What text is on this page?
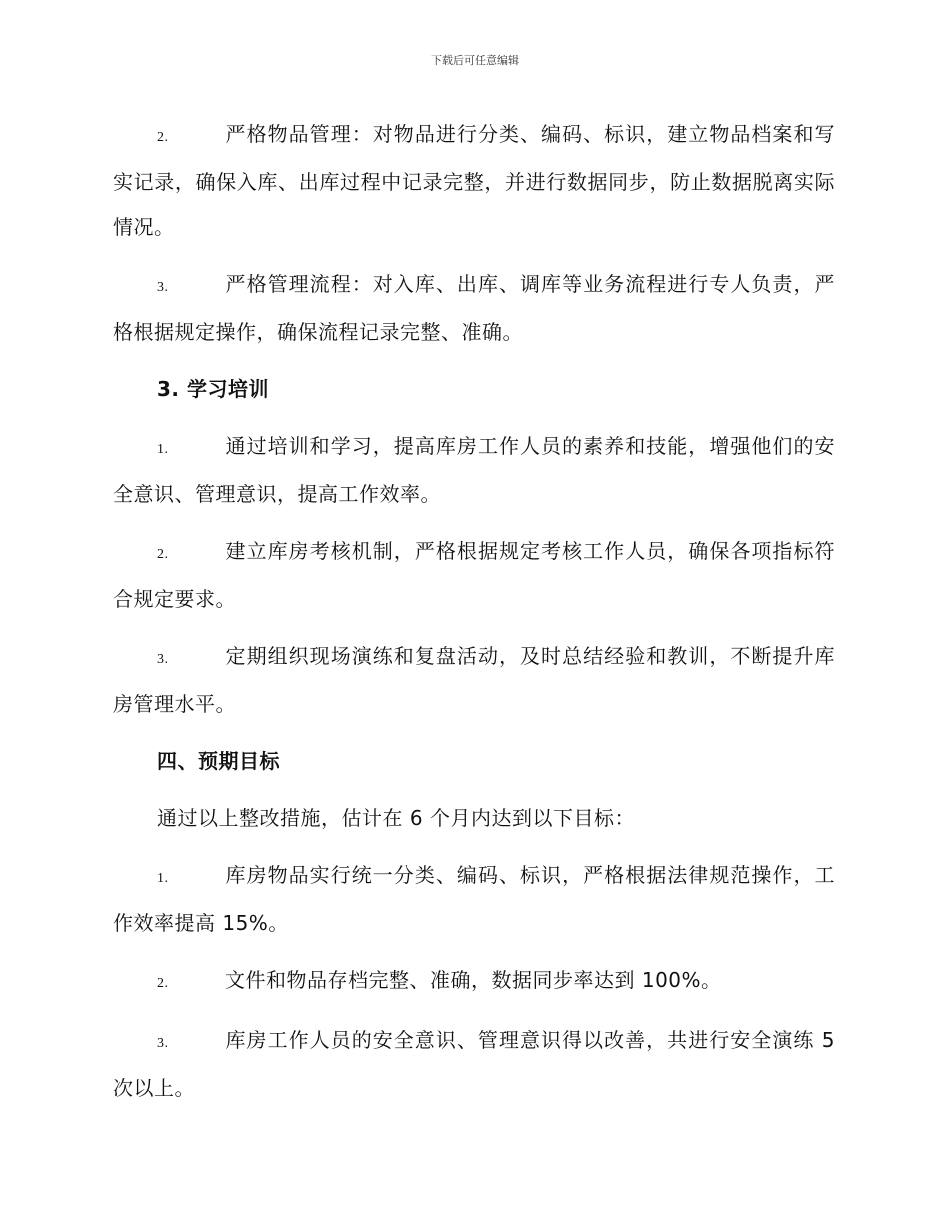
下载后可任意编辑
2.	严格物品管理：对物品进行分类、编码、标识，建立物品档案和写实记录，确保入库、出库过程中记录完整，并进行数据同步，防止数据脱离实际情况。
3.	严格管理流程：对入库、出库、调库等业务流程进行专人负责，严格根据规定操作，确保流程记录完整、准确。
3. 学习培训
1.	通过培训和学习，提高库房工作人员的素养和技能，增强他们的安全意识、管理意识，提高工作效率。
2.	建立库房考核机制，严格根据规定考核工作人员，确保各项指标符合规定要求。
3.	定期组织现场演练和复盘活动，及时总结经验和教训，不断提升库房管理水平。
四、预期目标
通过以上整改措施，估计在 6 个月内达到以下目标：
1.	库房物品实行统一分类、编码、标识，严格根据法律规范操作，工作效率提高 15%。
2.	文件和物品存档完整、准确，数据同步率达到 100%。
3.	库房工作人员的安全意识、管理意识得以改善，共进行安全演练 5 次以上。
